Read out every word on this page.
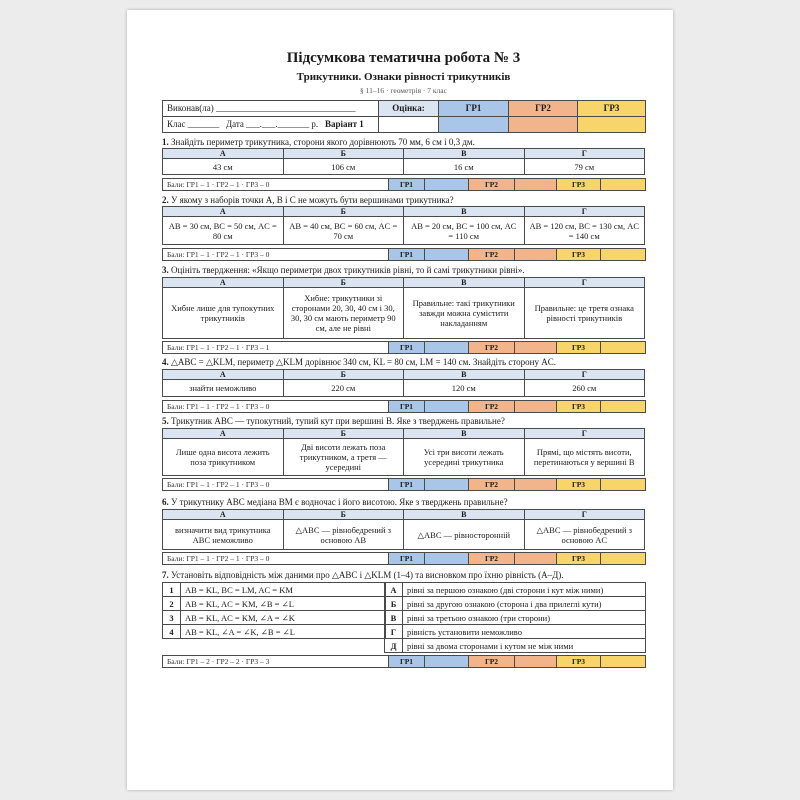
Підсумкова тематична робота № 3
Трикутники. Ознаки рівності трикутників
§ 11–16 · геометрія · 7 клас
Виконав(ла) _______________________________	Оцінка:	ГР1	ГР2	ГР3
Клас _______ Дата ___.___._______ р. Варіант 1				
1. Знайдіть периметр трикутника, сторони якого дорівнюють 70 мм, 6 см і 0,3 дм.
А	Б	В	Г
43 см	106 см	16 см	79 см
Бали: ГР1 – 1 · ГР2 – 1 · ГР3 – 0	ГР1		ГР2		ГР3	
2. У якому з наборів точки A, B і C не можуть бути вершинами трикутника?
А	Б	В	Г
AB = 30 см, BC = 50 см, AC = 80 см	AB = 40 см, BC = 60 см, AC = 70 см	AB = 20 см, BC = 100 см, AC = 110 см	AB = 120 см, BC = 130 см, AC = 140 см
Бали: ГР1 – 1 · ГР2 – 1 · ГР3 – 0	ГР1		ГР2		ГР3	
3. Оцініть твердження: «Якщо периметри двох трикутників рівні, то й самі трикутники рівні».
А	Б	В	Г
Хибне лише для тупокутних трикутників	Хибне: трикутники зі сторонами 20, 30, 40 см і 30, 30, 30 см мають периметр 90 см, але не рівні	Правильне: такі трикутники завжди можна сумістити накладанням	Правильне: це третя ознака рівності трикутників
Бали: ГР1 – 1 · ГР2 – 1 · ГР3 – 1	ГР1		ГР2		ГР3	
4. △ABC = △KLM, периметр △KLM дорівнює 340 см, KL = 80 см, LM = 140 см. Знайдіть сторону AC.
А	Б	В	Г
знайти неможливо	220 см	120 см	260 см
Бали: ГР1 – 1 · ГР2 – 1 · ГР3 – 0	ГР1		ГР2		ГР3	
5. Трикутник ABC — тупокутний, тупий кут при вершині B. Яке з тверджень правильне?
А	Б	В	Г
Лише одна висота лежить поза трикутником	Дві висоти лежать поза трикутником, а третя — усередині	Усі три висоти лежать усередині трикутника	Прямі, що містять висоти, перетинаються у вершині B
Бали: ГР1 – 1 · ГР2 – 1 · ГР3 – 0	ГР1		ГР2		ГР3	
6. У трикутнику ABC медіана BM є водночас і його висотою. Яке з тверджень правильне?
А	Б	В	Г
визначити вид трикутника ABC неможливо	△ABC — рівнобедрений з основою AB	△ABC — рівносторонній	△ABC — рівнобедрений з основою AC
Бали: ГР1 – 1 · ГР2 – 1 · ГР3 – 0	ГР1		ГР2		ГР3	
7. Установіть відповідність між даними про △ABC і △KLM (1–4) та висновком про їхню рівність (А–Д).
1	AB = KL, BC = LM, AC = KM
2	AB = KL, AC = KM, ∠B = ∠L
3	AB = KL, AC = KM, ∠A = ∠K
4	AB = KL, ∠A = ∠K, ∠B = ∠L
А	рівні за першою ознакою (дві сторони і кут між ними)
Б	рівні за другою ознакою (сторона і два прилеглі кути)
В	рівні за третьою ознакою (три сторони)
Г	рівність установити неможливо
Д	рівні за двома сторонами і кутом не між ними
Бали: ГР1 – 2 · ГР2 – 2 · ГР3 – 3	ГР1		ГР2		ГР3	
